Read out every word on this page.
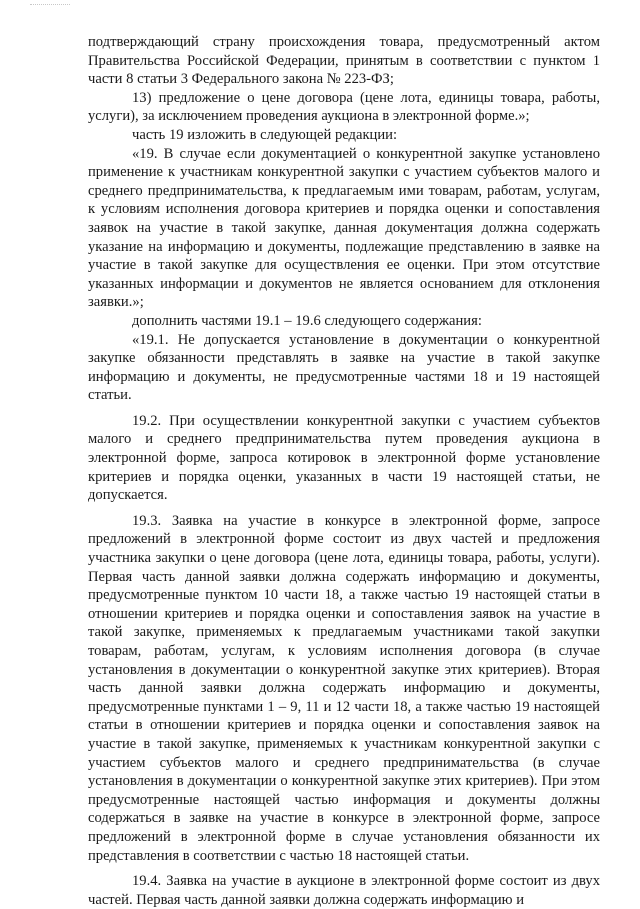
подтверждающий страну происхождения товара, предусмотренный актом Правительства Российской Федерации, принятым в соответствии с пунктом 1 части 8 статьи 3 Федерального закона № 223-ФЗ;

13) предложение о цене договора (цене лота, единицы товара, работы, услуги), за исключением проведения аукциона в электронной форме.»;

часть 19 изложить в следующей редакции:

«19. В случае если документацией о конкурентной закупке установлено применение к участникам конкурентной закупки с участием субъектов малого и среднего предпринимательства, к предлагаемым ими товарам, работам, услугам, к условиям исполнения договора критериев и порядка оценки и сопоставления заявок на участие в такой закупке, данная документация должна содержать указание на информацию и документы, подлежащие представлению в заявке на участие в такой закупке для осуществления ее оценки. При этом отсутствие указанных информации и документов не является основанием для отклонения заявки.»;

дополнить частями 19.1 – 19.6 следующего содержания:

«19.1. Не допускается установление в документации о конкурентной закупке обязанности представлять в заявке на участие в такой закупке информацию и документы, не предусмотренные частями 18 и 19 настоящей статьи.

19.2. При осуществлении конкурентной закупки с участием субъектов малого и среднего предпринимательства путем проведения аукциона в электронной форме, запроса котировок в электронной форме установление критериев и порядка оценки, указанных в части 19 настоящей статьи, не допускается.

19.3. Заявка на участие в конкурсе в электронной форме, запросе предложений в электронной форме состоит из двух частей и предложения участника закупки о цене договора (цене лота, единицы товара, работы, услуги). Первая часть данной заявки должна содержать информацию и документы, предусмотренные пунктом 10 части 18, а также частью 19 настоящей статьи в отношении критериев и порядка оценки и сопоставления заявок на участие в такой закупке, применяемых к предлагаемым участниками такой закупки товарам, работам, услугам, к условиям исполнения договора (в случае установления в документации о конкурентной закупке этих критериев). Вторая часть данной заявки должна содержать информацию и документы, предусмотренные пунктами 1 – 9, 11 и 12 части 18, а также частью 19 настоящей статьи в отношении критериев и порядка оценки и сопоставления заявок на участие в такой закупке, применяемых к участникам конкурентной закупки с участием субъектов малого и среднего предпринимательства (в случае установления в документации о конкурентной закупке этих критериев). При этом предусмотренные настоящей частью информация и документы должны содержаться в заявке на участие в конкурсе в электронной форме, запросе предложений в электронной форме в случае установления обязанности их представления в соответствии с частью 18 настоящей статьи.

19.4. Заявка на участие в аукционе в электронной форме состоит из двух частей. Первая часть данной заявки должна содержать информацию и
